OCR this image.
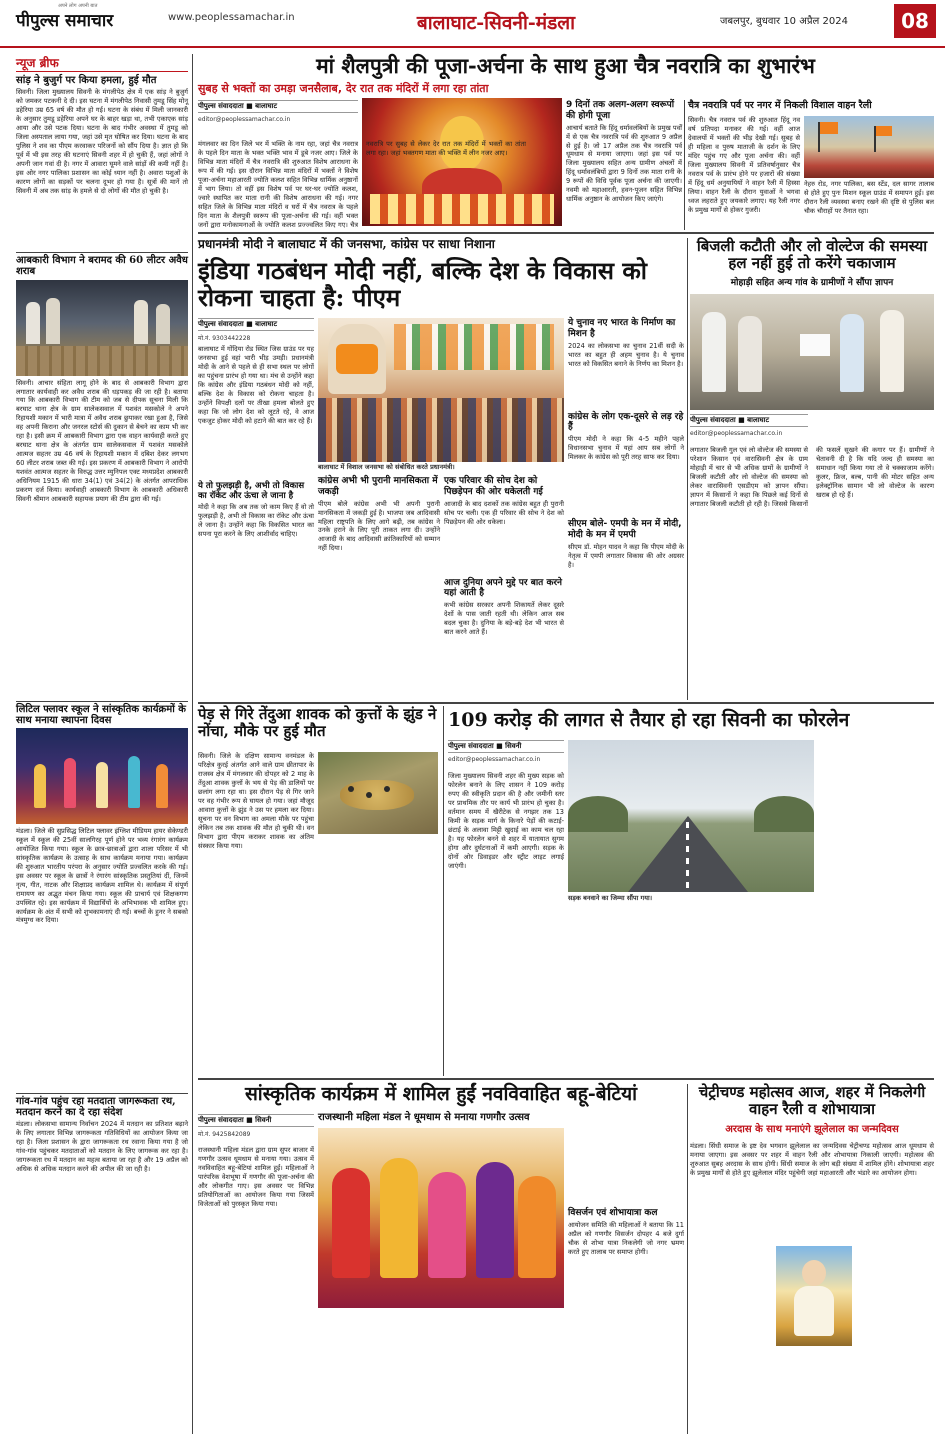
पीपुल्स समाचार
अपने लोग अपनी बात
www.peoplessamachar.in	बालाघाट-सिवनी-मंडला	जबलपुर, बुधवार 10 अप्रैल 2024	08
न्यूज ब्रीफ
सांड़ ने बुजुर्ग पर किया हमला, हुई मौत
सिवनी। जिला मुख्यालय सिवनी के मंगलीपेठ क्षेत्र में एक सांड़ ने बुजुर्ग को जमकर पटकनी दे दी। इस घटना में मंगलीपेठ निवासी तुमडू सिंह मोनू डहेरिया उम्र 65 वर्ष की मौत हो गई। घटना के संबंध में मिली जानकारी के अनुसार तुमडू डहेरिया अपने घर के बाहर खड़ा था, तभी एकाएक सांड़ आया और उसे पटक दिया। घटना के बाद गंभीर अवस्था में तुमडू को जिला अस्पताल लाया गया, जहां उसे मृत घोषित कर दिया। घटना के बाद पुलिस ने शव का पीएम करवाकर परिजनों को सौंप दिया है। ज्ञात हो कि पूर्व में भी इस तरह की घटनाएं सिवनी शहर में हो चुकी हैं, जहां लोगों ने अपनी जान गवां दी है। नगर में आवारा घूमने वाले सांड़ों की कमी नहीं है। इस ओर नगर पालिका प्रशासन का कोई ध्यान नहीं है। अवारा पशुओं के कारण लोगों का सड़कों पर चलना दूभर हो गया है। सूत्रों की मानें तो सिवनी में अब तक सांड़ के हमले से दो लोगों की मौत हो चुकी है।
आबकारी विभाग ने बरामद की 60 लीटर अवैध शराब
सिवनी। आचार संहिता लागू होने के बाद से आबकारी विभाग द्वारा लगातार कार्यवाही कर अवैध शराब की धड़पकड़ की जा रही है। बताया गया कि आबकारी विभाग की टीम को जब से दीपक सूचना मिली कि बरघाट थाना क्षेत्र के ग्राम सालेकसवाल में यशवंत मसकोले ने अपने रिहायशी मकान में भारी मात्रा में अवैध शराब छुपाकर रखा हुआ है, जिसे वह अपनी किराना और जनरल स्टोर्स की दुकान से बेचने का काम भी कर रहा है। इसी क्रम में आबकारी विभाग द्वारा एक वाहन कार्यवाही करते हुए बरघाट थाना क्षेत्र के अंतर्गत ग्राम सालेकसवाल में यशवंत मसकोले आत्मज सहतर उम्र 46 वर्ष के रिहायशी मकान में दबिश देकर लगभग 60 लीटर शराब जब्त की गई। इस प्रकरण में आबकारी विभाग ने आरोपी यशवंत आत्मज सहतर के विरुद्ध उत्तर म्युनिपल एक्ट मध्यप्रदेश आबकारी अधिनियम 1915 की धारा 34(1) एवं 34(2) के अंतर्गत आपराधिक प्रकरण दर्ज किया। कार्यवाही आबकारी विभाग के आबकारी अधिकारी सिवनी श्रीमान आबकारी सहायक प्रयाग की टीम द्वारा की गई।
लिटिल फ्लावर स्कूल ने सांस्कृतिक कार्यक्रमों के साथ मनाया स्थापना दिवस
मंडला। जिले की सुप्रसिद्ध लिटिल फ्लावर इंग्लिश मीडियम हायर सेकेण्डरी स्कूल में स्कूल की 25वीं सालगिरह पूर्ण होने पर भव्य रंगारंग कार्यक्रम आयोजित किया गया। स्कूल के छात्र-छात्राओं द्वारा शाला परिसर में भी सांस्कृतिक कार्यक्रम के उत्साह के साथ कार्यक्रम मनाया गया। कार्यक्रम की शुरुआत भारतीय परंपरा के अनुसार ज्योति प्रज्वलित करके की गई। इस अवसर पर स्कूल के छात्रों ने रंगारंग सांस्कृतिक प्रस्तुतियां दीं, जिनमें नृत्य, गीत, नाटक और शिक्षाप्रद कार्यक्रम शामिल थे। कार्यक्रम में संपूर्ण रामायण का अद्भुत मंचन किया गया। स्कूल की प्राचार्य एवं शिक्षकगण उपस्थित रहे। इस कार्यक्रम में विद्यार्थियों के अभिभावक भी शामिल हुए। कार्यक्रम के अंत में सभी को शुभकामनाएं दी गईं। बच्चों के हुनर ने सबको मंत्रमुग्ध कर दिया।
गांव-गांव पहुंच रहा मतदाता जागरूकता रथ, मतदान करने का दे रहा संदेश
मंडला। लोकसभा सामान्य निर्वाचन 2024 में मतदान का प्रतिशत बढ़ाने के लिए लगातार विभिन्न जागरूकता गतिविधियों का आयोजन किया जा रहा है। जिला प्रशासन के द्वारा जागरूकता रथ रवाना किया गया है जो गांव-गांव पहुंचकर मतदाताओं को मतदान के लिए जागरूक कर रहा है। जागरूकता रथ में मतदान का महत्व बताया जा रहा है और 19 अप्रैल को अधिक से अधिक मतदान करने की अपील की जा रही है।
मां शैलपुत्री की पूजा-अर्चना के साथ हुआ चैत्र नवरात्रि का शुभारंभ
सुबह से भक्तों का उमड़ा जनसैलाब, देर रात तक मंदिरों में लगा रहा तांता
पीपुल्स संवाददाता ■ बालाघाट
editor@peoplessamachar.co.in
मंगलवार का दिन जिले भर में भक्ति के नाम रहा, जहां चैत्र नवरात्र के पहले दिन माता के भक्त भक्ति भाव में डूबे नजर आए। जिले के विभिन्न माता मंदिरों में चैत्र नवरात्रि की शुरुआत विशेष आराधना के रूप में की गई। इस दौरान विभिन्न माता मंदिरों में भक्तों ने विशेष पूजा-अर्चना महाआरती ज्योति कलश सहित विभिन्न धार्मिक अनुष्ठानों में भाग लिया। तो वहीं इस विशेष पर्व पर घर-घर ज्योति कलश, ज्वारे स्थापित कर माता रानी की विशेष आराधना की गई। नगर सहित जिले के विभिन्न माता मंदिरों व घरों में चैत्र नवरात्र के पहले दिन माता के शैलपुत्री स्वरूप की पूजा-अर्चना की गई। वहीं भक्त जनों द्वारा मनोकामनाओं के ज्योति कलश प्रज्ज्वलित किए गए। चैत्र
9 दिनों तक अलग-अलग स्वरूपों की होगी पूजा
आचार्य बताते कि हिंदू धर्मावलंबियों के प्रमुख पर्वों में से एक चैत्र नवरात्रि पर्व की शुरुआत 9 अप्रैल से हुई है। जो 17 अप्रैल तक चैत्र नवरात्रि पर्व धूमधाम से मनाया जाएगा। जहां इस पर्व पर जिला मुख्यालय सहित अन्य ग्रामीण अंचलों में हिंदू धर्मावलंबियों द्वारा 9 दिनों तक माता रानी के 9 रूपों की विधि पूर्वक पूजा अर्चना की जाएगी। नवमी को महाआरती, हवन-पूजन सहित विभिन्न धार्मिक अनुष्ठान के आयोजन किए जाएंगे।
चैत्र नवरात्रि पर्व पर नगर में निकली विशाल वाहन रैली
सिवनी। चैत्र नवरात्र पर्व की शुरुआत हिंदू नव वर्ष प्रतिपदा मनाकर की गई। वहीं आज देवालयों में भक्तों की भीड़ देखी गई। सुबह से ही महिला व पुरुष माताजी के दर्शन के लिए मंदिर पहुंच गए और पूजा अर्चना की। वहीं जिला मुख्यालय सिवनी में प्रतिवर्षानुसार चैत्र नवरात्र पर्व के प्रारंभ होने पर हजारों की संख्या में हिंदू धर्म अनुयायियों ने वाहन रैली में हिस्सा लिया। वाहन रैली के दौरान युवाओं ने भगवा ध्वज लहराते हुए जयकारे लगाए। यह रैली नगर के प्रमुख मार्गों से होकर गुजरी।
नेहरु रोड, नगर पालिका, बस स्टेंड, दल सागर तालाब से होते हुए पुनः मिशन स्कूल ग्राउंड में समापन हुई। इस दौरान रैली व्यवस्था बनाए रखने की दृष्टि से पुलिस बल चौक चौराहों पर तैनात रहा।
प्रधानमंत्री मोदी ने बालाघाट में की जनसभा, कांग्रेस पर साधा निशाना
इंडिया गठबंधन मोदी नहीं, बल्कि देश के विकास को रोकना चाहता है: पीएम
पीपुल्स संवाददाता ■ बालाघाट
मो.नं. 9303442228
बालाघाट में गोंदिया रोड स्थित जिस ग्राउंड पर यह जनसभा हुई वहां भारी भीड़ उमड़ी। प्रधानमंत्री मोदी के आने से पहले से ही सभा स्थल पर लोगों का पहुंचना प्रारंभ हो गया था। मंच से उन्होंने कहा कि कांग्रेस और इंडिया गठबंधन मोदी को नहीं, बल्कि देश के विकास को रोकना चाहता है। उन्होंने विपक्षी दलों पर तीखा हमला बोलते हुए कहा कि जो लोग देश को लूटते रहे, वे आज एकजुट होकर मोदी को हटाने की बात कर रहे हैं।
ये तो फुलझड़ी है, अभी तो विकास का रॉकेट और ऊंचा ले जाना है
मोदी ने कहा कि अब तक जो काम किए हैं वो तो फुलझड़ी है, अभी तो विकास का रॉकेट और ऊंचा ले जाना है। उन्होंने कहा कि विकसित भारत का सपना पूरा करने के लिए आशीर्वाद चाहिए।
बालाघाट में विशाल जनसभा को संबोधित करते प्रधानमंत्री।
कांग्रेस अभी भी पुरानी मानसिकता में जकड़ी
पीएम बोले कांग्रेस अभी भी अपनी पुरानी मानसिकता में जकड़ी हुई है। भाजपा जब आदिवासी महिला राष्ट्रपति के लिए आगे बढ़ी, तब कांग्रेस ने उनके हराने के लिए पूरी ताकत लगा दी। उन्होंने आजादी के बाद आदिवासी क्रांतिकारियों को सम्मान नहीं दिया।
एक परिवार की सोच देश को पिछड़ेपन की ओर धकेलती गई
आजादी के बाद दशकों तक कांग्रेस बहुत ही पुरानी सोच पर चली। एक ही परिवार की सोच ने देश को पिछड़ेपन की ओर धकेला।
आज दुनिया अपने मुद्दे पर बात करने यहां आती है
कभी कांग्रेस सरकार अपनी शिकायतें लेकर दूसरे देशों के पास जाती रहती थी। लेकिन आज सब बदल चुका है। दुनिया के बड़े-बड़े देश भी भारत से बात करने आते हैं।
ये चुनाव नए भारत के निर्माण का मिशन है
2024 का लोकसभा का चुनाव 21वीं सदी के भारत का बहुत ही अहम चुनाव है। ये चुनाव भारत को विकसित बनाने के निर्णय का मिशन है।
कांग्रेस के लोग एक-दूसरे से लड़ रहे हैं
पीएम मोदी ने कहा कि 4-5 महीने पहले विधानसभा चुनाव में यहां आप सब लोगों ने मिलकर के कांग्रेस को पूरी तरह साफ कर दिया।
सीएम बोले- एमपी के मन में मोदी, मोदी के मन में एमपी
सीएम डॉ. मोहन यादव ने कहा कि पीएम मोदी के नेतृत्व में एमपी लगातार विकास की ओर अग्रसर है।
बिजली कटौती और लो वोल्टेज की समस्या हल नहीं हुई तो करेंगे चकाजाम
मोहाड़ी सहित अन्य गांव के ग्रामीणों ने सौंपा ज्ञापन
पीपुल्स संवाददाता ■ बालाघाट
editor@peoplessamachar.co.in
लगातार बिजली गुल एवं लो वोल्टेज की समस्या से परेशान किसान एवं वारासिवनी क्षेत्र के ग्राम मोहाड़ी में चार से भी अधिक ग्रामों के ग्रामीणों ने बिजली कटौती और लो वोल्टेज की समस्या को लेकर वारासिवनी एसडीएम को ज्ञापन सौंपा। ज्ञापन में किसानों ने कहा कि पिछले कई दिनों से लगातार बिजली कटौती हो रही है। जिससे किसानों की फसलें सूखने की कगार पर हैं। ग्रामीणों ने चेतावनी दी है कि यदि जल्द ही समस्या का समाधान नहीं किया गया तो वे चक्काजाम करेंगे। कुलर, फ्रिज, बल्ब, पानी की मोटर सहित अन्य इलेक्ट्रॉनिक सामान भी लो वोल्टेज के कारण खराब हो रहे हैं।
पेड़ से गिरे तेंदुआ शावक को कुत्तों के झुंड ने नोंचा, मौके पर हुई मौत
सिवनी। जिले के दक्षिण सामान्य वनमंडल के परिक्षेत्र कुरई अंतर्गत आने वाले ग्राम छीतापार के राजस्व क्षेत्र में मंगलवार की दोपहर को 2 माह के तेंदुआ शावक कुत्तों के भय से पेड़ की डालियों पर छलांग लगा रहा था। इस दौरान पेड़ से गिर जाने पर वह गंभीर रूप से घायल हो गया। जहां मौजूद आवारा कुत्तों के झुंड ने उस पर हमला कर दिया। सूचना पर वन विभाग का अमला मौके पर पहुंचा लेकिन तब तक शावक की मौत हो चुकी थी। वन विभाग द्वारा पीएम कराकर शावक का अंतिम संस्कार किया गया।
109 करोड़ की लागत से तैयार हो रहा सिवनी का फोरलेन
पीपुल्स संवाददाता ■ सिवनी
editor@peoplessamachar.co.in
जिला मुख्यालय सिवनी शहर की मुख्य सड़क को फोरलेन बनाने के लिए शासन ने 109 करोड़ रुपए की स्वीकृति प्रदान की है और जमीनी स्तर पर प्राथमिक तौर पर कार्य भी प्रारंभ हो चुका है। वर्तमान समय में खैरीटेक से नगझर तक 13 किमी के सड़क मार्ग के किनारे पेड़ों की कटाई-छंटाई के अलावा मिट्टी खुदाई का काम चल रहा है। यह फोरलेन बनने से शहर में यातायात सुगम होगा और दुर्घटनाओं में कमी आएगी। सड़क के दोनों ओर डिवाइडर और स्ट्रीट लाइट लगाई जाएंगी।
सड़क बनवाने का जिम्मा सौंपा गया।
सांस्कृतिक कार्यक्रम में शामिल हुईं नवविवाहित बहू-बेटियां
पीपुल्स संवाददाता ■ सिवनी
मो.नं. 9425842089
राजस्थानी महिला मंडल ने धूमधाम से मनाया गणगौर उत्सव
राजस्थानी महिला मंडल द्वारा ग्राम सुपर बाजार में गणगौर उत्सव धूमधाम से मनाया गया। उत्सव में नवविवाहित बहू-बेटियां शामिल हुईं। महिलाओं ने पारंपरिक वेशभूषा में गणगौर की पूजा-अर्चना की और लोकगीत गाए। इस अवसर पर विभिन्न प्रतियोगिताओं का आयोजन किया गया जिसमें विजेताओं को पुरस्कृत किया गया।
विसर्जन एवं शोभायात्रा कल
आयोजन समिति की महिलाओं ने बताया कि 11 अप्रैल को गणगौर विसर्जन दोपहर 4 बजे दुर्गा चौक से शोभा यात्रा निकलेगी जो नगर भ्रमण करते हुए तालाब पर समाप्त होगी।
चेट्रीचण्ड महोत्सव आज, शहर में निकलेगी वाहन रैली व शोभायात्रा
अरदास के साथ मनाएंगे झूलेलाल का जन्मदिवस
मंडला। सिंधी समाज के इष्ट देव भगवान झूलेलाल का जन्मदिवस चेट्रीचण्ड महोत्सव आज धूमधाम से मनाया जाएगा। इस अवसर पर शहर में वाहन रैली और शोभायात्रा निकाली जाएगी। महोत्सव की शुरुआत सुबह अरदास के साथ होगी। सिंधी समाज के लोग बड़ी संख्या में शामिल होंगे। शोभायात्रा शहर के प्रमुख मार्गों से होते हुए झूलेलाल मंदिर पहुंचेगी जहां महाआरती और भंडारे का आयोजन होगा।
